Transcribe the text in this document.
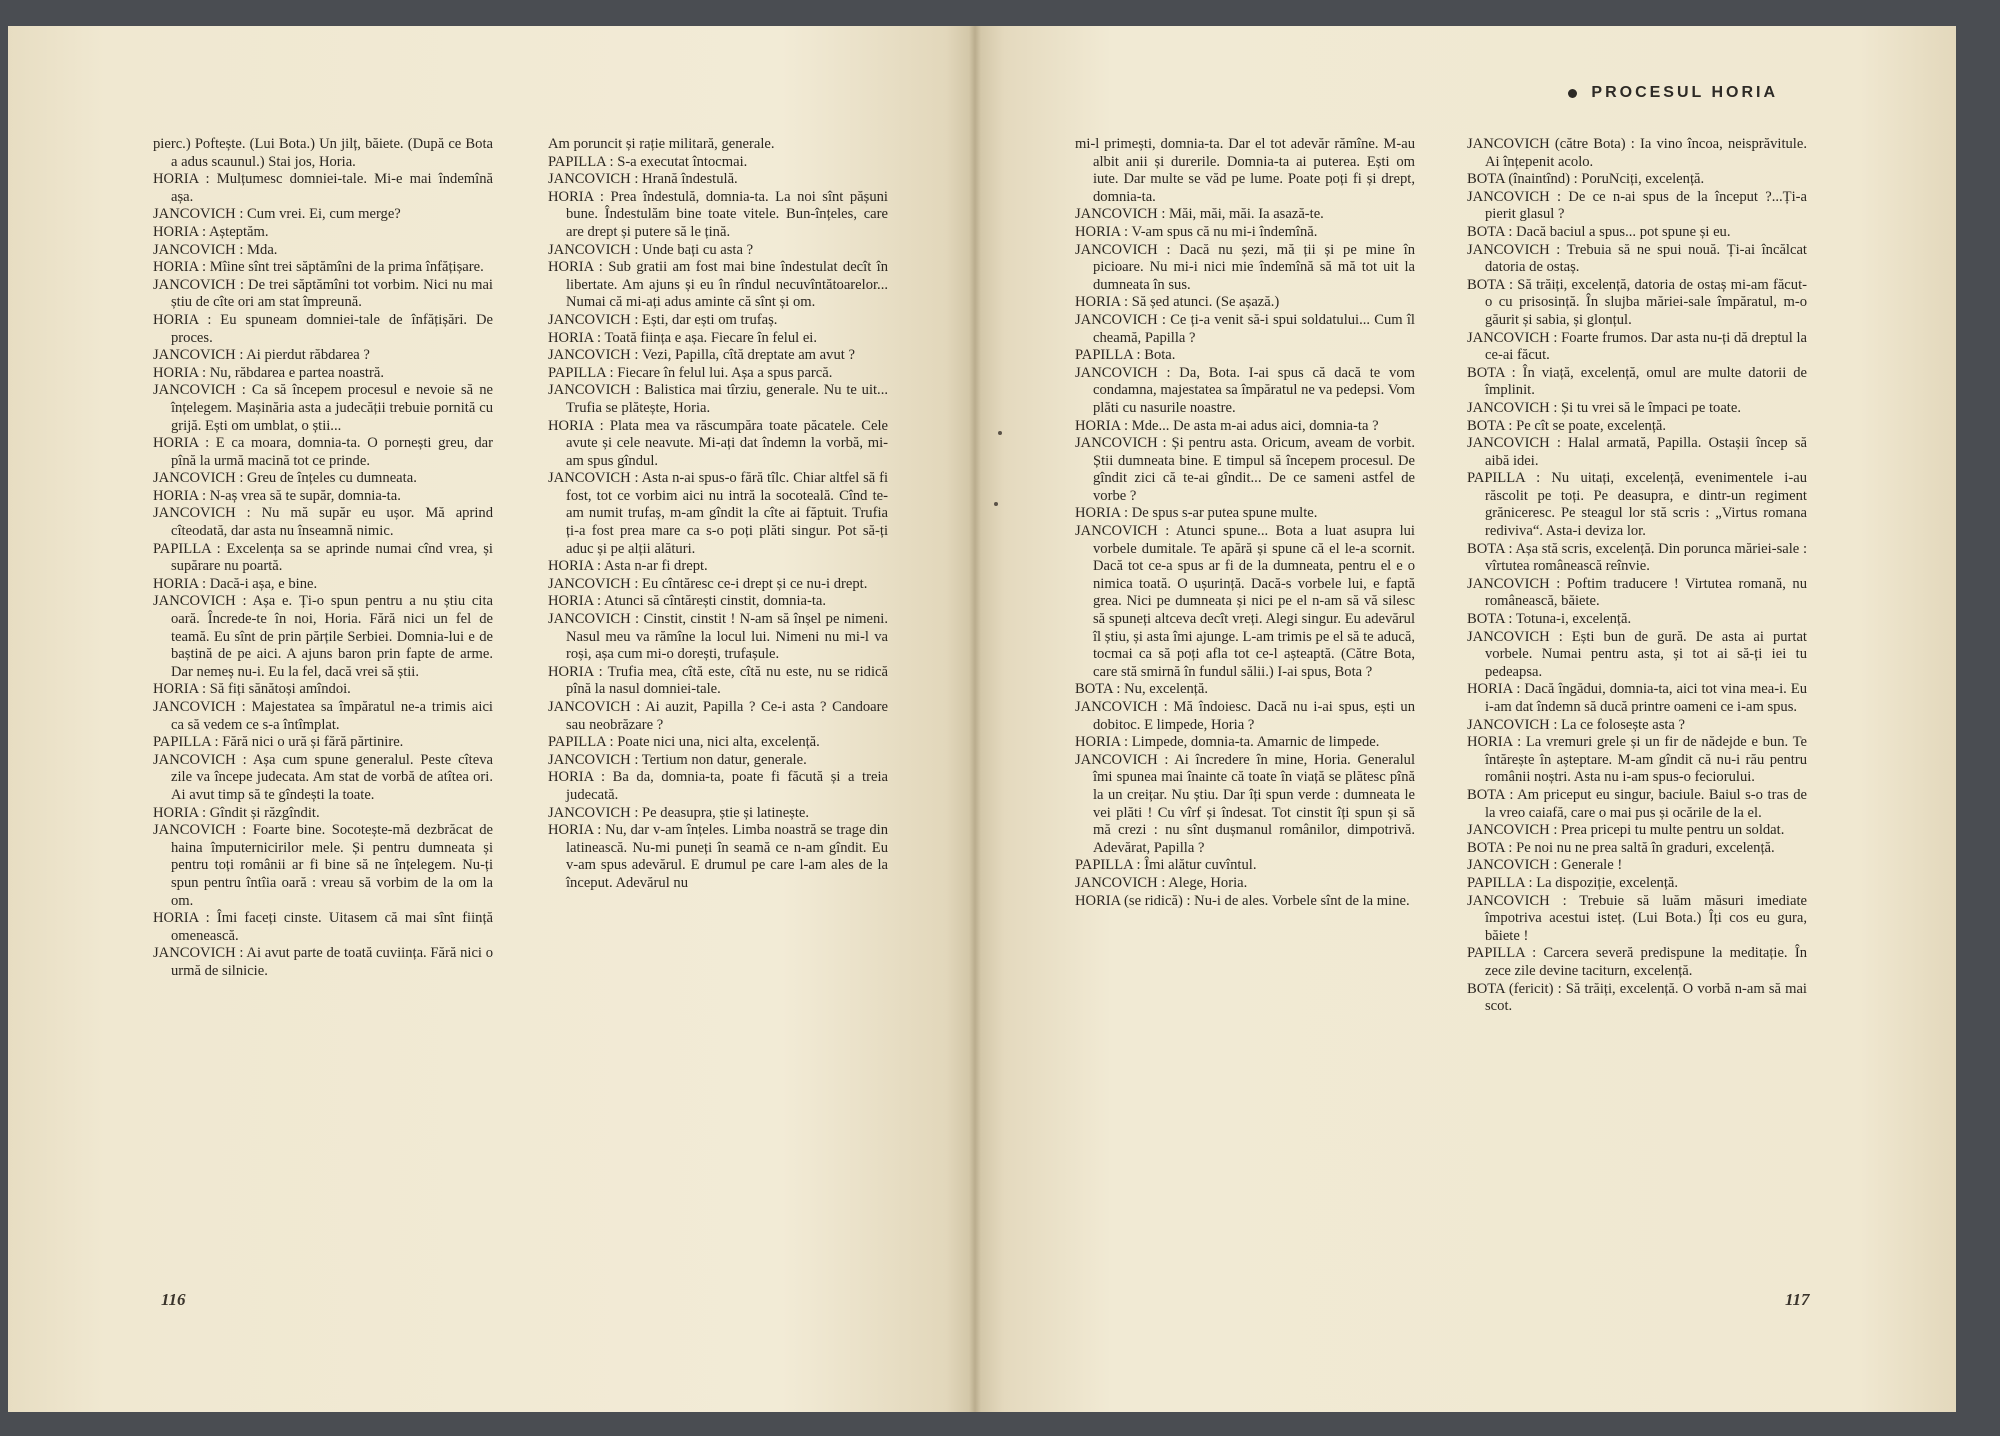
pierc.) Poftește. (Lui Bota.) Un jilț, băiete. (După ce Bota a adus scaunul.) Stai jos, Horia.

HORIA : Mulțumesc domniei-tale. Mi-e mai îndemînă așa.

JANCOVICH : Cum vrei. Ei, cum merge?

HORIA : Așteptăm.

JANCOVICH : Mda.

HORIA : Mîine sînt trei săptămîni de la prima înfățișare.

JANCOVICH : De trei săptămîni tot vorbim. Nici nu mai știu de cîte ori am stat împreună.

HORIA : Eu spuneam domniei-tale de înfățișări. De proces.

JANCOVICH : Ai pierdut răbdarea ?

HORIA : Nu, răbdarea e partea noastră.

JANCOVICH : Ca să începem procesul e nevoie să ne înțelegem. Mașinăria asta a judecății trebuie pornită cu grijă. Ești om umblat, o știi...

HORIA : E ca moara, domnia-ta. O pornești greu, dar pînă la urmă macină tot ce prinde.

JANCOVICH : Greu de înțeles cu dumneata.

HORIA : N-aș vrea să te supăr, domnia-ta.

JANCOVICH : Nu mă supăr eu ușor. Mă aprind cîteodată, dar asta nu înseamnă nimic.

PAPILLA : Excelența sa se aprinde numai cînd vrea, și supărare nu poartă.

HORIA : Dacă-i așa, e bine.

JANCOVICH : Așa e. Ți-o spun pentru a nu știu cita oară. Încrede-te în noi, Horia. Fără nici un fel de teamă. Eu sînt de prin părțile Serbiei. Domnia-lui e de baștină de pe aici. A ajuns baron prin fapte de arme. Dar nemeș nu-i. Eu la fel, dacă vrei să știi.

HORIA : Să fiți sănătoși amîndoi.

JANCOVICH : Majestatea sa împăratul ne-a trimis aici ca să vedem ce s-a întîmplat.

PAPILLA : Fără nici o ură și fără părtinire.

JANCOVICH : Așa cum spune generalul. Peste cîteva zile va începe judecata. Am stat de vorbă de atîtea ori. Ai avut timp să te gîndești la toate.

HORIA : Gîndit și răzgîndit.

JANCOVICH : Foarte bine. Socotește-mă dezbrăcat de haina împuternicirilor mele. Și pentru dumneata și pentru toți românii ar fi bine să ne înțelegem. Nu-ți spun pentru întîia oară : vreau să vorbim de la om la om.

HORIA : Îmi faceți cinste. Uitasem că mai sînt ființă omenească.

JANCOVICH : Ai avut parte de toată cuviința. Fără nici o urmă de silnicie.

Am poruncit și rație militară, generale.

PAPILLA : S-a executat întocmai.

JANCOVICH : Hrană îndestulă.

HORIA : Prea îndestulă, domnia-ta. La noi sînt pășuni bune. Îndestulăm bine toate vitele. Bun-înțeles, care are drept și putere să le țină.

JANCOVICH : Unde bați cu asta ?

HORIA : Sub gratii am fost mai bine îndestulat decît în libertate. Am ajuns și eu în rîndul necuvîntătoarelor... Numai că mi-ați adus aminte că sînt și om.

JANCOVICH : Ești, dar ești om trufaș.

HORIA : Toată ființa e așa. Fiecare în felul ei.

JANCOVICH : Vezi, Papilla, cîtă dreptate am avut ?

PAPILLA : Fiecare în felul lui. Așa a spus parcă.

JANCOVICH : Balistica mai tîrziu, generale. Nu te uit... Trufia se plătește, Horia.

HORIA : Plata mea va răscumpăra toate păcatele. Cele avute și cele neavute. Mi-ați dat îndemn la vorbă, mi-am spus gîndul.

JANCOVICH : Asta n-ai spus-o fără tîlc. Chiar altfel să fi fost, tot ce vorbim aici nu intră la socoteală. Cînd te-am numit trufaș, m-am gîndit la cîte ai făptuit. Trufia ți-a fost prea mare ca s-o poți plăti singur. Pot să-ți aduc și pe alții alături.

HORIA : Asta n-ar fi drept.

JANCOVICH : Eu cîntăresc ce-i drept și ce nu-i drept.

HORIA : Atunci să cîntărești cinstit, domnia-ta.

JANCOVICH : Cinstit, cinstit ! N-am să înșel pe nimeni. Nasul meu va rămîne la locul lui. Nimeni nu mi-l va roși, așa cum mi-o dorești, trufașule.

HORIA : Trufia mea, cîtă este, cîtă nu este, nu se ridică pînă la nasul domniei-tale.

JANCOVICH : Ai auzit, Papilla ? Ce-i asta ? Candoare sau neobrăzare ?

PAPILLA : Poate nici una, nici alta, excelență.

JANCOVICH : Tertium non datur, generale.

HORIA : Ba da, domnia-ta, poate fi făcută și a treia judecată.

JANCOVICH : Pe deasupra, știe și latinește.

HORIA : Nu, dar v-am înțeles. Limba noastră se trage din latinească. Nu-mi puneți în seamă ce n-am gîndit. Eu v-am spus adevărul. E drumul pe care l-am ales de la început. Adevărul nu

116
PROCESUL HORIA

mi-l primești, domnia-ta. Dar el tot adevăr rămîne. M-au albit anii și durerile. Domnia-ta ai puterea. Ești om iute. Dar multe se văd pe lume. Poate poți fi și drept, domnia-ta.

JANCOVICH : Măi, măi, măi. Ia asază-te.

HORIA : V-am spus că nu mi-i îndemînă.

JANCOVICH : Dacă nu șezi, mă ții și pe mine în picioare. Nu mi-i nici mie îndemînă să mă tot uit la dumneata în sus.

HORIA : Să șed atunci. (Se așază.)

JANCOVICH : Ce ți-a venit să-i spui soldatului... Cum îl cheamă, Papilla ?

PAPILLA : Bota.

JANCOVICH : Da, Bota. I-ai spus că dacă te vom condamna, majestatea sa împăratul ne va pedepsi. Vom plăti cu nasurile noastre.

HORIA : Mde... De asta m-ai adus aici, domnia-ta ?

JANCOVICH : Și pentru asta. Oricum, aveam de vorbit. Știi dumneata bine. E timpul să începem procesul. De gîndit zici că te-ai gîndit... De ce sameni astfel de vorbe ?

HORIA : De spus s-ar putea spune multe.

JANCOVICH : Atunci spune... Bota a luat asupra lui vorbele dumitale. Te apără și spune că el le-a scornit. Dacă tot ce-a spus ar fi de la dumneata, pentru el e o nimica toată. O ușurință. Dacă-s vorbele lui, e faptă grea. Nici pe dumneata și nici pe el n-am să vă silesc să spuneți altceva decît vreți. Alegi singur. Eu adevărul îl știu, și asta îmi ajunge. L-am trimis pe el să te aducă, tocmai ca să poți afla tot ce-l așteaptă. (Către Bota, care stă smirnă în fundul sălii.) I-ai spus, Bota ?

BOTA : Nu, excelență.

JANCOVICH : Mă îndoiesc. Dacă nu i-ai spus, ești un dobitoc. E limpede, Horia ?

HORIA : Limpede, domnia-ta. Amarnic de limpede.

JANCOVICH : Ai încredere în mine, Horia. Generalul îmi spunea mai înainte că toate în viață se plătesc pînă la un creițar. Nu știu. Dar îți spun verde : dumneata le vei plăti ! Cu vîrf și îndesat. Tot cinstit îți spun și să mă crezi : nu sînt dușmanul românilor, dimpotrivă. Adevărat, Papilla ?

PAPILLA : Îmi alătur cuvîntul.

JANCOVICH : Alege, Horia.

HORIA (se ridică) : Nu-i de ales. Vorbele sînt de la mine.

JANCOVICH (către Bota) : Ia vino încoa, neisprăvitule. Ai înțepenit acolo.

BOTA (înaintînd) : PoruNciți, excelență.

JANCOVICH : De ce n-ai spus de la început ?...Ți-a pierit glasul ?

BOTA : Dacă baciul a spus... pot spune și eu.

JANCOVICH : Trebuia să ne spui nouă. Ți-ai încălcat datoria de ostaș.

BOTA : Să trăiți, excelență, datoria de ostaș mi-am făcut-o cu prisosință. În slujba măriei-sale împăratul, m-o găurit și sabia, și glonțul.

JANCOVICH : Foarte frumos. Dar asta nu-ți dă dreptul la ce-ai făcut.

BOTA : În viață, excelență, omul are multe datorii de împlinit.

JANCOVICH : Și tu vrei să le împaci pe toate.

BOTA : Pe cît se poate, excelență.

JANCOVICH : Halal armată, Papilla. Ostașii încep să aibă idei.

PAPILLA : Nu uitați, excelență, evenimentele i-au răscolit pe toți. Pe deasupra, e dintr-un regiment grăniceresc. Pe steagul lor stă scris : „Virtus romana rediviva“. Asta-i deviza lor.

BOTA : Așa stă scris, excelență. Din porunca măriei-sale : vîrtutea românească reînvie.

JANCOVICH : Poftim traducere ! Virtutea romană, nu românească, băiete.

BOTA : Totuna-i, excelență.

JANCOVICH : Ești bun de gură. De asta ai purtat vorbele. Numai pentru asta, și tot ai să-ți iei tu pedeapsa.

HORIA : Dacă îngădui, domnia-ta, aici tot vina mea-i. Eu i-am dat îndemn să ducă printre oameni ce i-am spus.

JANCOVICH : La ce folosește asta ?

HORIA : La vremuri grele și un fir de nădejde e bun. Te întărește în așteptare. M-am gîndit că nu-i rău pentru românii noștri. Asta nu i-am spus-o feciorului.

BOTA : Am priceput eu singur, baciule. Baiul s-o tras de la vreo caiafă, care o mai pus și ocările de la el.

JANCOVICH : Prea pricepi tu multe pentru un soldat.

BOTA : Pe noi nu ne prea saltă în graduri, excelență.

JANCOVICH : Generale !

PAPILLA : La dispoziție, excelență.

JANCOVICH : Trebuie să luăm măsuri imediate împotriva acestui isteț. (Lui Bota.) Îți cos eu gura, băiete !

PAPILLA : Carcera severă predispune la meditație. În zece zile devine taciturn, excelență.

BOTA (fericit) : Să trăiți, excelență. O vorbă n-am să mai scot.

117
